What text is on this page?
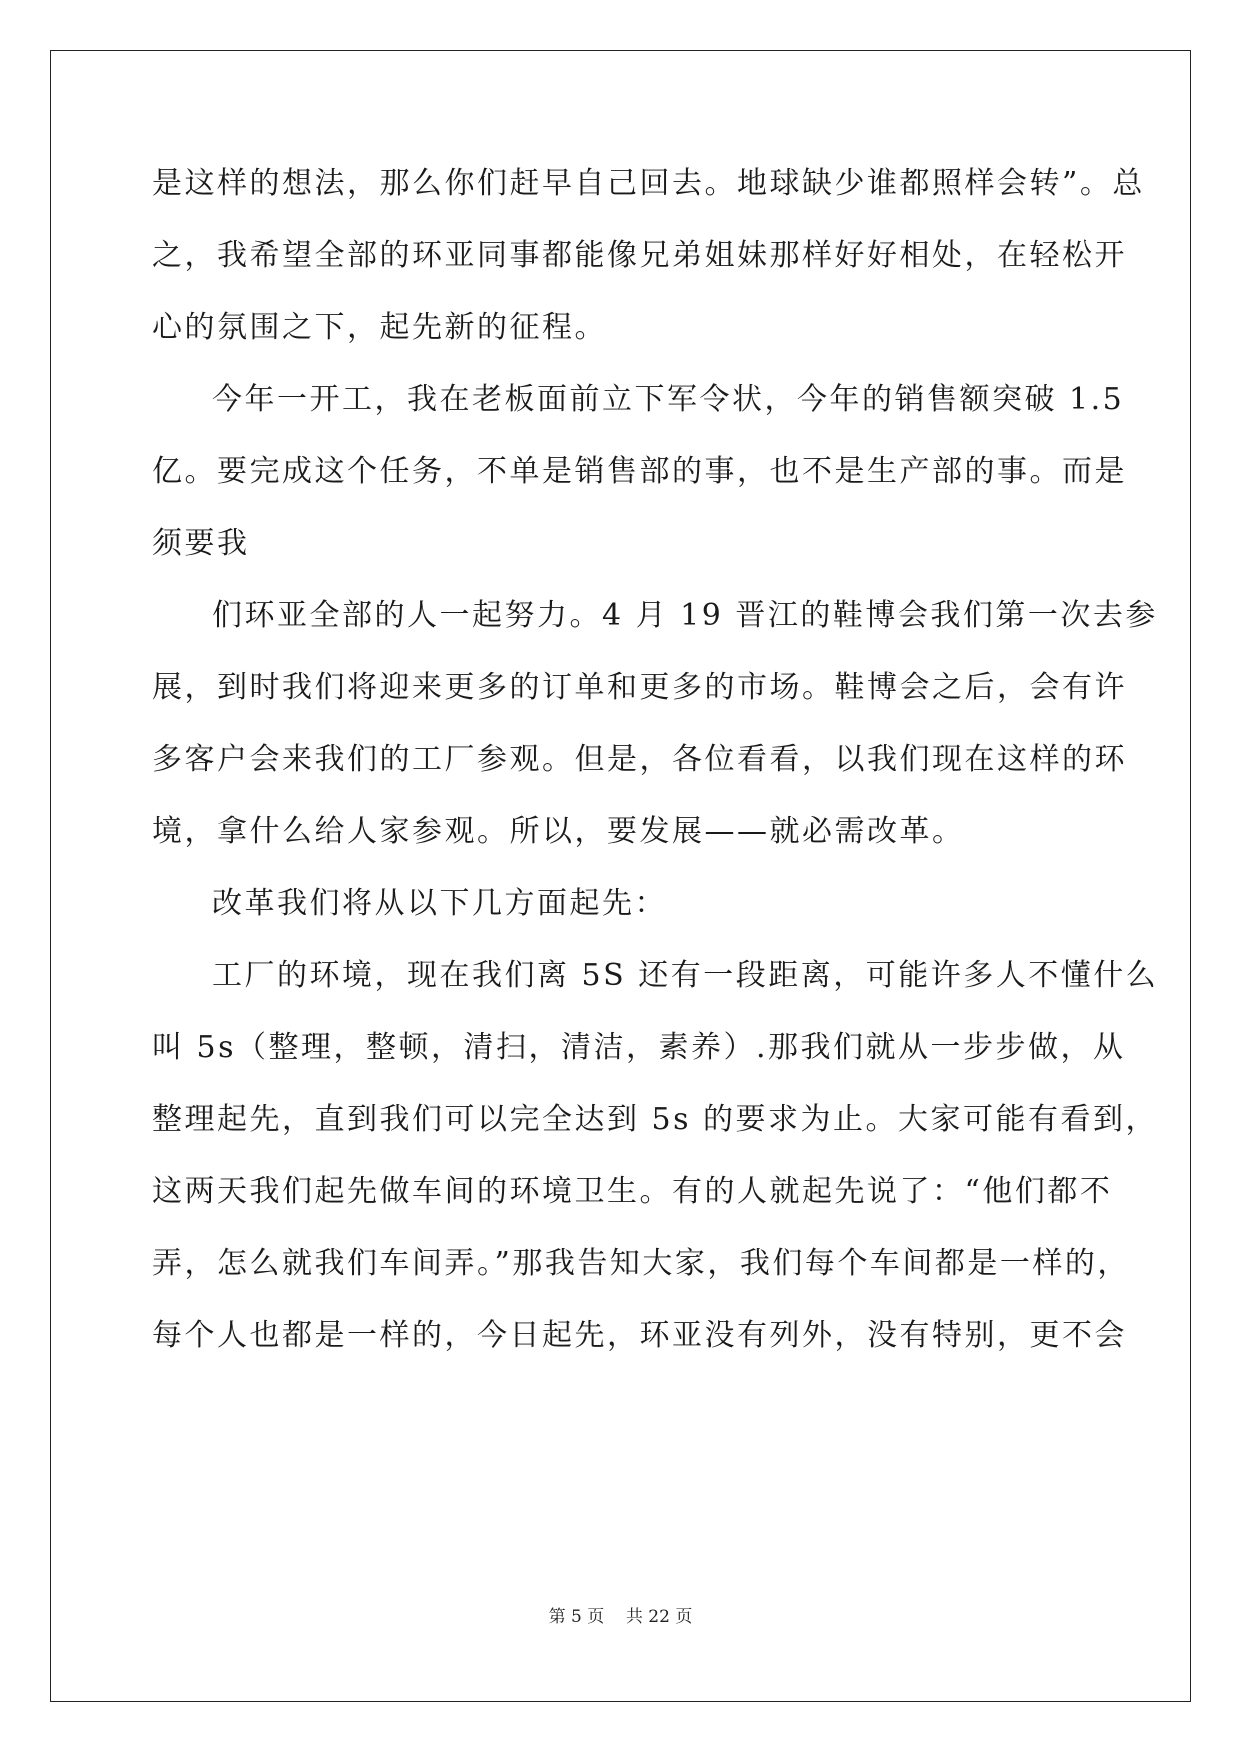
是这样的想法，那么你们赶早自己回去。地球缺少谁都照样会转”。总
之，我希望全部的环亚同事都能像兄弟姐妹那样好好相处，在轻松开
心的氛围之下，起先新的征程。
今年一开工，我在老板面前立下军令状，今年的销售额突破 1.5
亿。要完成这个任务，不单是销售部的事，也不是生产部的事。而是
须要我
们环亚全部的人一起努力。4 月 19 晋江的鞋博会我们第一次去参
展，到时我们将迎来更多的订单和更多的市场。鞋博会之后，会有许
多客户会来我们的工厂参观。但是，各位看看，以我们现在这样的环
境，拿什么给人家参观。所以，要发展——就必需改革。
改革我们将从以下几方面起先：
工厂的环境，现在我们离 5S 还有一段距离，可能许多人不懂什么
叫 5s（整理，整顿，清扫，清洁，素养）.那我们就从一步步做，从
整理起先，直到我们可以完全达到 5s 的要求为止。大家可能有看到，
这两天我们起先做车间的环境卫生。有的人就起先说了：“他们都不
弄，怎么就我们车间弄。”那我告知大家，我们每个车间都是一样的，
每个人也都是一样的，今日起先，环亚没有列外，没有特别，更不会
第 5 页    共 22 页
